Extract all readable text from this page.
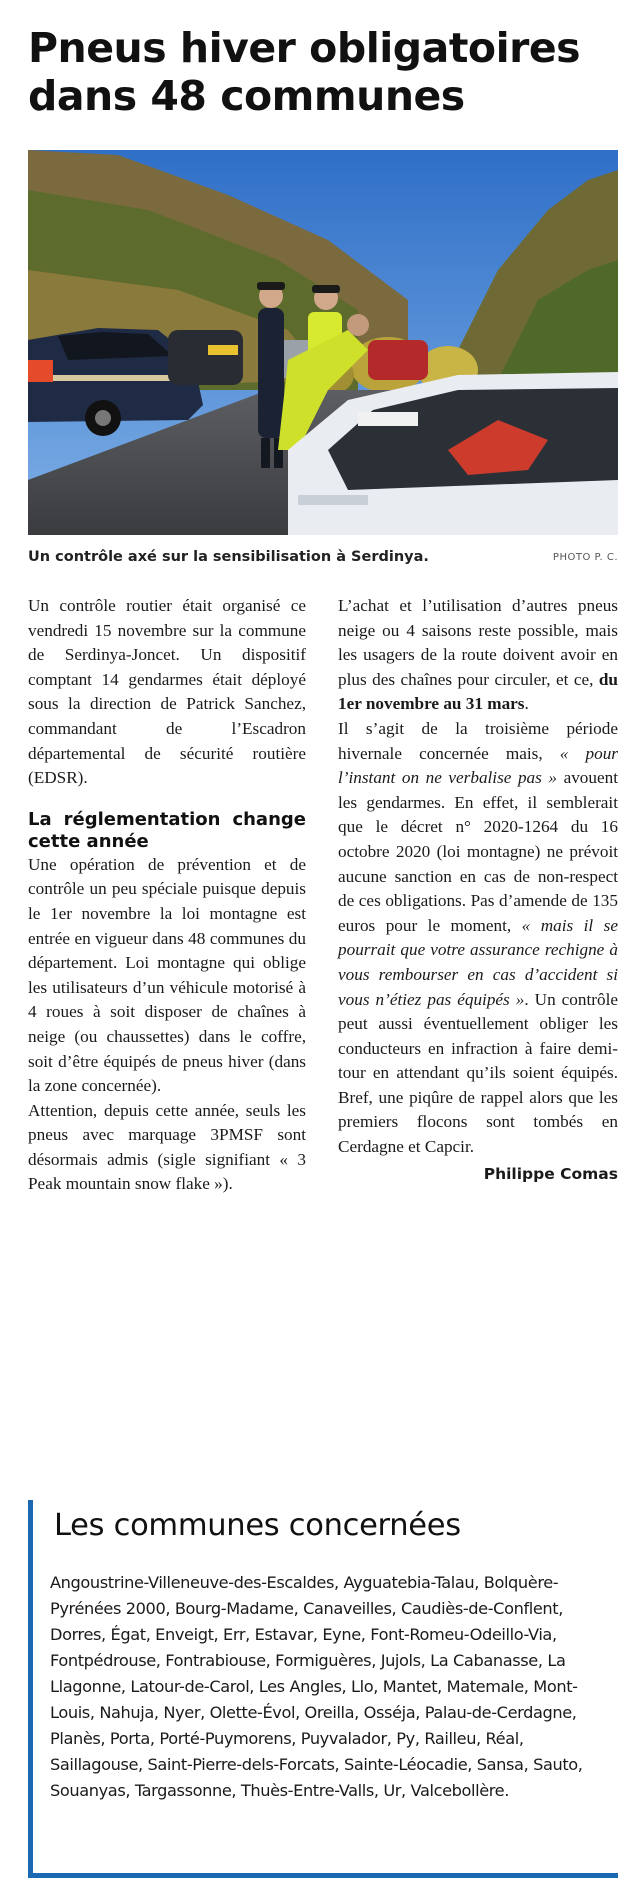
Pneus hiver obligatoires dans 48 communes
Un contrôle axé sur la sensibilisation à Serdinya.	PHOTO P. C.

Un contrôle routier était organisé ce vendredi 15 novembre sur la commune de Serdinya-Joncet. Un dispositif comptant 14 gendarmes était déployé sous la direction de Patrick Sanchez, commandant de l’Escadron départemental de sécurité routière (EDSR).

La réglementation change cette année

Une opération de prévention et de contrôle un peu spéciale puisque depuis le 1er novembre la loi montagne est entrée en vigueur dans 48 communes du département. Loi montagne qui oblige les utilisateurs d’un véhicule motorisé à 4 roues à soit disposer de chaînes à neige (ou chaussettes) dans le coffre, soit d’être équipés de pneus hiver (dans la zone concernée).

Attention, depuis cette année, seuls les pneus avec marquage 3PMSF sont désormais admis (sigle signifiant « 3 Peak mountain snow flake »).

L’achat et l’utilisation d’autres pneus neige ou 4 saisons reste possible, mais les usagers de la route doivent avoir en plus des chaînes pour circuler, et ce, du 1er novembre au 31 mars.

Il s’agit de la troisième période hivernale concernée mais, « pour l’instant on ne verbalise pas » avouent les gendarmes. En effet, il semblerait que le décret n° 2020-1264 du 16 octobre 2020 (loi montagne) ne prévoit aucune sanction en cas de non-respect de ces obligations. Pas d’amende de 135 euros pour le moment, « mais il se pourrait que votre assurance rechigne à vous rembourser en cas d’accident si vous n’étiez pas équipés ». Un contrôle peut aussi éventuellement obliger les conducteurs en infraction à faire demi-tour en attendant qu’ils soient équipés. Bref, une piqûre de rappel alors que les premiers flocons sont tombés en Cerdagne et Capcir.

Philippe Comas
Les communes concernées

Angoustrine-Villeneuve-des-Escaldes, Ayguatebia-Talau, Bolquère-Pyrénées 2000, Bourg-Madame, Canaveilles, Caudiès-de-Conflent, Dorres, Égat, Enveigt, Err, Estavar, Eyne, Font-Romeu-Odeillo-Via, Fontpédrouse, Fontrabiouse, Formiguères, Jujols, La Cabanasse, La Llagonne, Latour-de-Carol, Les Angles, Llo, Mantet, Matemale, Mont-Louis, Nahuja, Nyer, Olette-Évol, Oreilla, Osséja, Palau-de-Cerdagne, Planès, Porta, Porté-Puymorens, Puyvalador, Py, Railleu, Réal, Saillagouse, Saint-Pierre-dels-Forcats, Sainte-Léocadie, Sansa, Sauto, Souanyas, Targassonne, Thuès-Entre-Valls, Ur, Valcebollère.
